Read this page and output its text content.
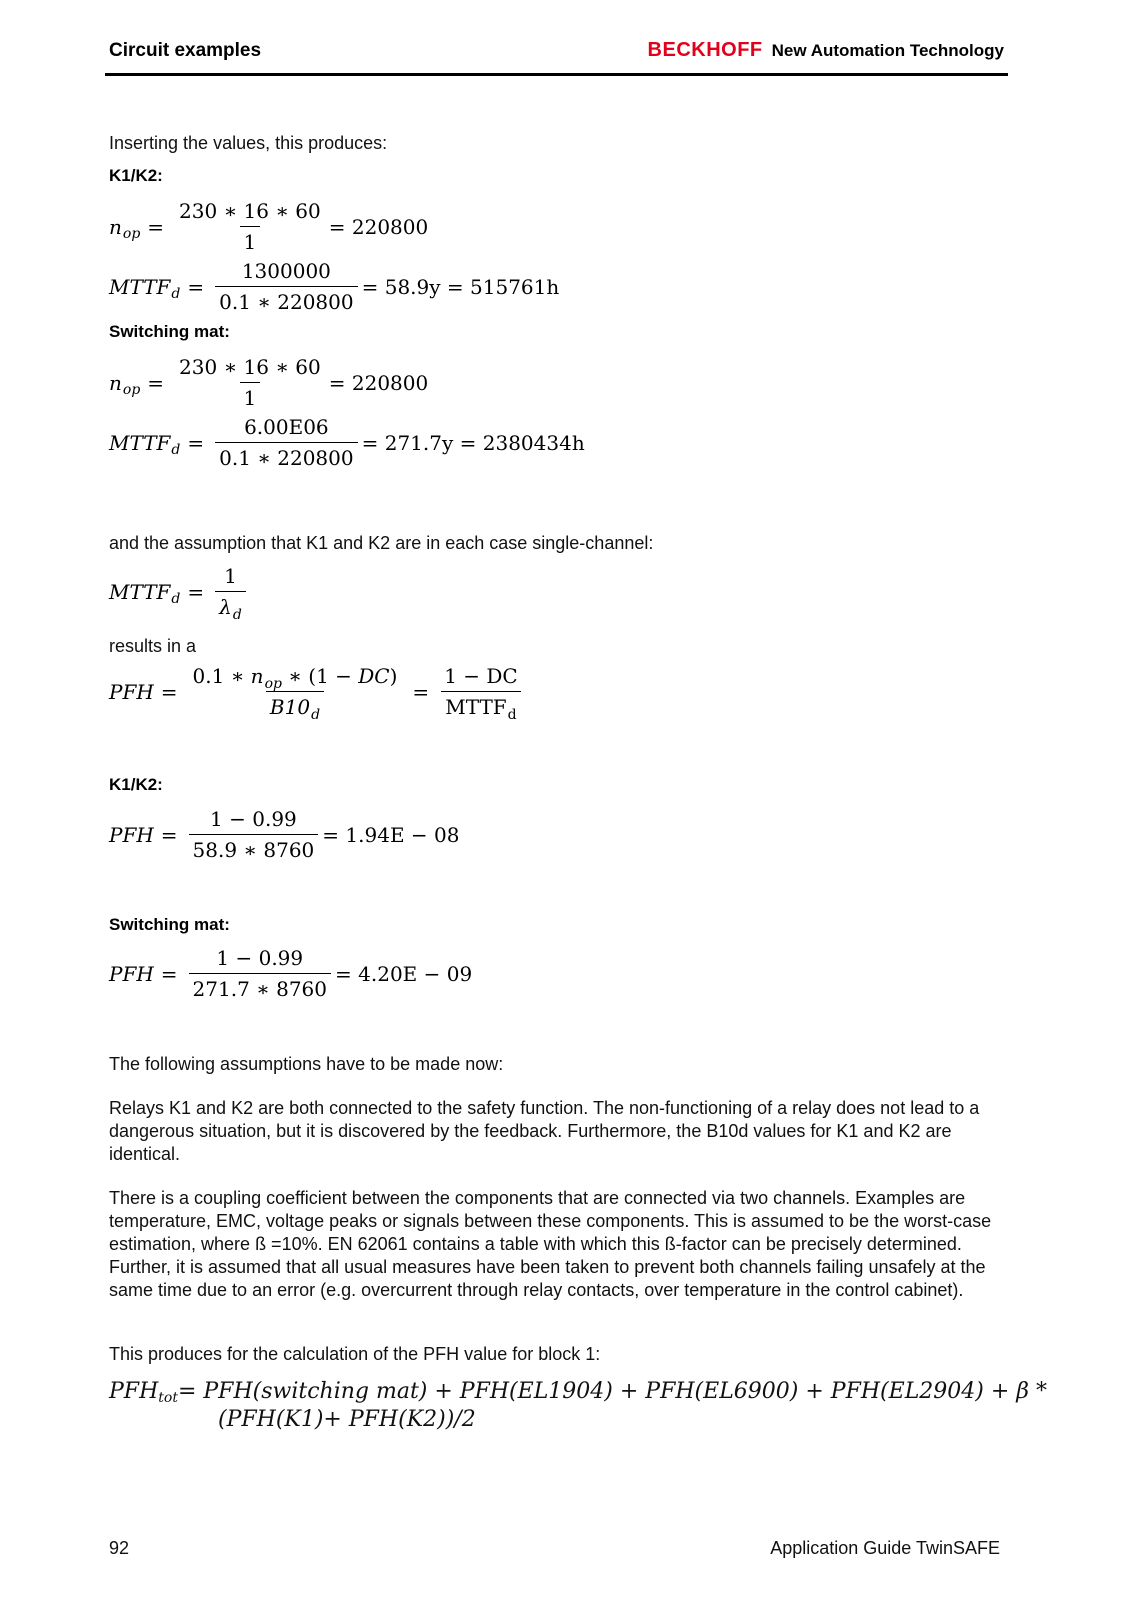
Circuit examples	BECKHOFF New Automation Technology
Inserting the values, this produces:
K1/K2:
n op = $\frac{230 ∗ 16 ∗ 60}{1} = 220800$
MTTF $d = \frac{1300000}{0.1 ∗ 220800} = 58.9y = 515761h$
Switching mat:
n op = $\frac{230 ∗ 16 ∗ 60}{1} = 220800$
MTTF $d = \frac{6.00E06}{0.1 ∗ 220800} = 271.7y = 2380434h$
and the assumption that K1 and K2 are in each case single-channel:
MTTF $d = \frac{1}{\lambda_d}$
results in a
PFH = $\frac{0.1 ∗ n_{op} ∗ (1 - DC)}{B10_d} = \frac{1 - DC}{MTTF_d}$
K1/K2:
PFH = $\frac{1 - 0.99}{58.9 ∗ 8760} = 1.94E - 08$
Switching mat:
PFH = $\frac{1 - 0.99}{271.7 ∗ 8760} = 4.20E - 09$
The following assumptions have to be made now:
Relays K1 and K2 are both connected to the safety function. The non-functioning of a relay does not lead to a dangerous situation, but it is discovered by the feedback. Furthermore, the B10d values for K1 and K2 are identical.
There is a coupling coefficient between the components that are connected via two channels. Examples are temperature, EMC, voltage peaks or signals between these components. This is assumed to be the worst-case estimation, where ß =10%. EN 62061 contains a table with which this ß-factor can be precisely determined. Further, it is assumed that all usual measures have been taken to prevent both channels failing unsafely at the same time due to an error (e.g. overcurrent through relay contacts, over temperature in the control cabinet).
This produces for the calculation of the PFH value for block 1:
PFHtot= PFH(switching mat) + PFH(EL1904) + PFH(EL6900) + PFH(EL2904) + β *
(PFH(K1)+ PFH(K2))/2
92	Application Guide TwinSAFE
